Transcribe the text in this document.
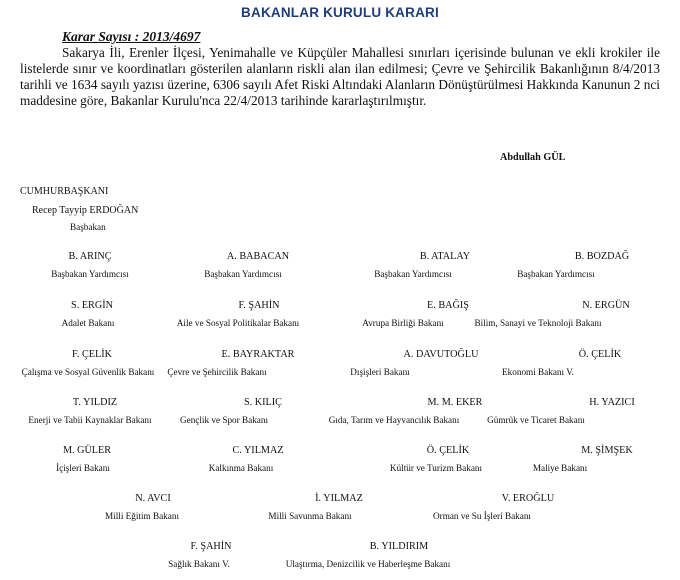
BAKANLAR KURULU KARARI
Karar Sayısı : 2013/4697
Sakarya İli, Erenler İlçesi, Yenimahalle ve Küpçüler Mahallesi sınırları içerisinde bulunan ve ekli krokiler ile listelerde sınır ve koordinatları gösterilen alanların riskli alan ilan edilmesi; Çevre ve Şehircilik Bakanlığının 8/4/2013 tarihli ve 1634 sayılı yazısı üzerine, 6306 sayılı Afet Riski Altındaki Alanların Dönüştürülmesi Hakkında Kanunun 2 nci maddesine göre, Bakanlar Kurulu'nca 22/4/2013 tarihinde kararlaştırılmıştır.
Abdullah GÜL
CUMHURBAŞKANI
Recep Tayyip ERDOĞAN
Başbakan
B. ARINÇ
Başbakan Yardımcısı
A. BABACAN
Başbakan Yardımcısı
B. ATALAY
Başbakan Yardımcısı
B. BOZDAĞ
Başbakan Yardımcısı
S. ERGİN
Adalet Bakanı
F. ŞAHİN
Aile ve Sosyal Politikalar Bakanı
E. BAĞIŞ
Avrupa Birliği Bakanı
N. ERGÜN
Bilim, Sanayi ve Teknoloji Bakanı
F. ÇELİK
Çalışma ve Sosyal Güvenlik Bakanı
E. BAYRAKTAR
Çevre ve Şehircilik Bakanı
A. DAVUTOĞLU
Dışişleri Bakanı
Ö. ÇELİK
Ekonomi Bakanı V.
T. YILDIZ
Enerji ve Tabii Kaynaklar Bakanı
S. KILIÇ
Gençlik ve Spor Bakanı
M. M. EKER
Gıda, Tarım ve Hayvancılık Bakanı
H. YAZICI
Gümrük ve Ticaret Bakanı
M. GÜLER
İçişleri Bakanı
C. YILMAZ
Kalkınma Bakanı
Ö. ÇELİK
Kültür ve Turizm Bakanı
M. ŞİMŞEK
Maliye Bakanı
N. AVCI
Milli Eğitim Bakanı
İ. YILMAZ
Milli Savunma Bakanı
V. EROĞLU
Orman ve Su İşleri Bakanı
F. ŞAHİN
Sağlık Bakanı V.
B. YILDIRIM
Ulaştırma, Denizcilik ve Haberleşme Bakanı
